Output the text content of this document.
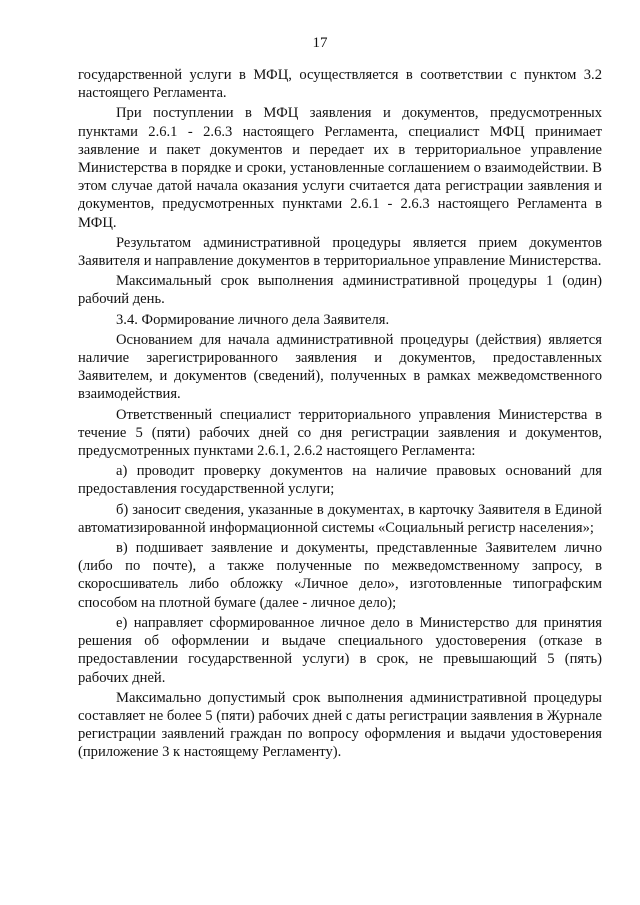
17

государственной услуги в МФЦ, осуществляется в соответствии с пунктом 3.2 настоящего Регламента.

При поступлении в МФЦ заявления и документов, предусмотренных пунктами 2.6.1 - 2.6.3 настоящего Регламента, специалист МФЦ принимает заявление и пакет документов и передает их в территориальное управление Министерства в порядке и сроки, установленные соглашением о взаимодействии. В этом случае датой начала оказания услуги считается дата регистрации заявления и документов, предусмотренных пунктами 2.6.1 - 2.6.3 настоящего Регламента в МФЦ.

Результатом административной процедуры является прием документов Заявителя и направление документов в территориальное управление Министерства.

Максимальный срок выполнения административной процедуры 1 (один) рабочий день.

3.4. Формирование личного дела Заявителя.

Основанием для начала административной процедуры (действия) является наличие зарегистрированного заявления и документов, предоставленных Заявителем, и документов (сведений), полученных в рамках межведомственного взаимодействия.

Ответственный специалист территориального управления Министерства в течение 5 (пяти) рабочих дней со дня регистрации заявления и документов, предусмотренных пунктами 2.6.1, 2.6.2 настоящего Регламента:

а) проводит проверку документов на наличие правовых оснований для предоставления государственной услуги;

б) заносит сведения, указанные в документах, в карточку Заявителя в Единой автоматизированной информационной системы «Социальный регистр населения»;

в) подшивает заявление и документы, представленные Заявителем лично (либо по почте), а также полученные по межведомственному запросу, в скоросшиватель либо обложку «Личное дело», изготовленные типографским способом на плотной бумаге (далее - личное дело);

е) направляет сформированное личное дело в Министерство для принятия решения об оформлении и выдаче специального удостоверения (отказе в предоставлении государственной услуги) в срок, не превышающий 5 (пять) рабочих дней.

Максимально допустимый срок выполнения административной процедуры составляет не более 5 (пяти) рабочих дней с даты регистрации заявления в Журнале регистрации заявлений граждан по вопросу оформления и выдачи удостоверения (приложение 3 к настоящему Регламенту).
